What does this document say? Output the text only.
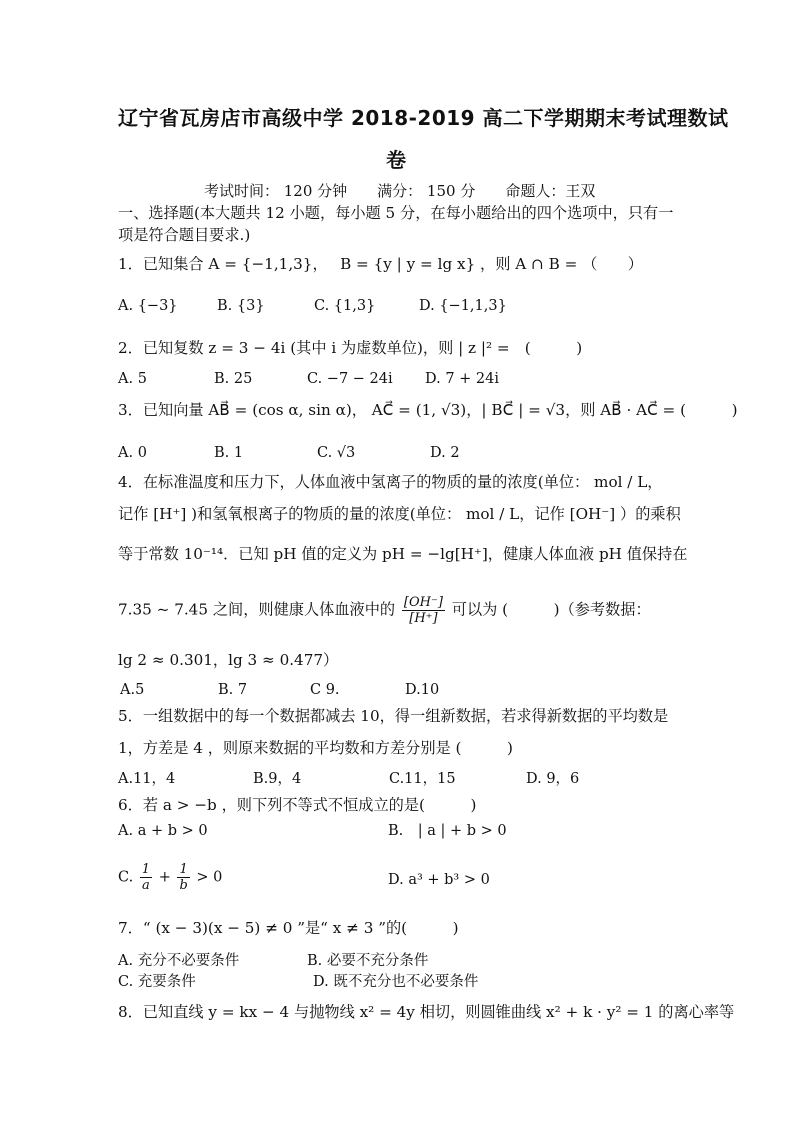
辽宁省瓦房店市高级中学 2018-2019 高二下学期期末考试理数试
卷
考试时间： 120 分钟　　满分： 150 分　　命题人：王双
一、选择题(本大题共 12 小题，每小题 5 分，在每小题给出的四个选项中，只有一
项是符合题目要求.)
1．已知集合 A = {−1,1,3}，　 B = {y | y = lg x} ，则 A ∩ B = （　　）
A. {−3}	B. {3}	C. {1,3}	D. {−1,1,3}
2．已知复数 z = 3 − 4i (其中 i 为虚数单位)，则 | z |² =　(　　　)
A. 5	B. 25	C. −7 − 24i D. 7 + 24i
3．已知向量 AB⃗ = (cos α, sin α)， AC⃗ = (1, √3)，| BC⃗ | = √3，则 AB⃗ · AC⃗ = (　　　)
A. 0	B. 1	C. √3	D. 2
4．在标准温度和压力下，人体血液中氢离子的物质的量的浓度(单位： mol / L，
记作 [H⁺] )和氢氧根离子的物质的量的浓度(单位： mol / L，记作 [OH⁻] ）的乘积
等于常数 10⁻¹⁴．已知 pH 值的定义为 pH = −lg[H⁺]，健康人体血液 pH 值保持在
7.35 ~ 7.45 之间，则健康人体血液中的 $\frac{[OH^-]}{[H^+]}$ 可以为 (　　　)（参考数据：
lg 2 ≈ 0.301，lg 3 ≈ 0.477）
A.5	B. 7	C 9.	D.10
5．一组数据中的每一个数据都减去 10，得一组新数据，若求得新数据的平均数是
1，方差是 4 ，则原来数据的平均数和方差分别是 (　　　)
A.11，4	B.9，4	C.11，15	D. 9，6
6．若 a > −b ，则下列不等式不恒成立的是(　　　)
A. a + b > 0	B.　| a | + b > 0
C. $\frac{1}{a} + \frac{1}{b} > 0$	D. a³ + b³ > 0
7．“ (x − 3)(x − 5) ≠ 0 ”是“ x ≠ 3 ”的(　　　)
A. 充分不必要条件	B. 必要不充分条件
C. 充要条件	D. 既不充分也不必要条件
8．已知直线 y = kx − 4 与抛物线 x² = 4y 相切，则圆锥曲线 x² + k · y² = 1 的离心率等
